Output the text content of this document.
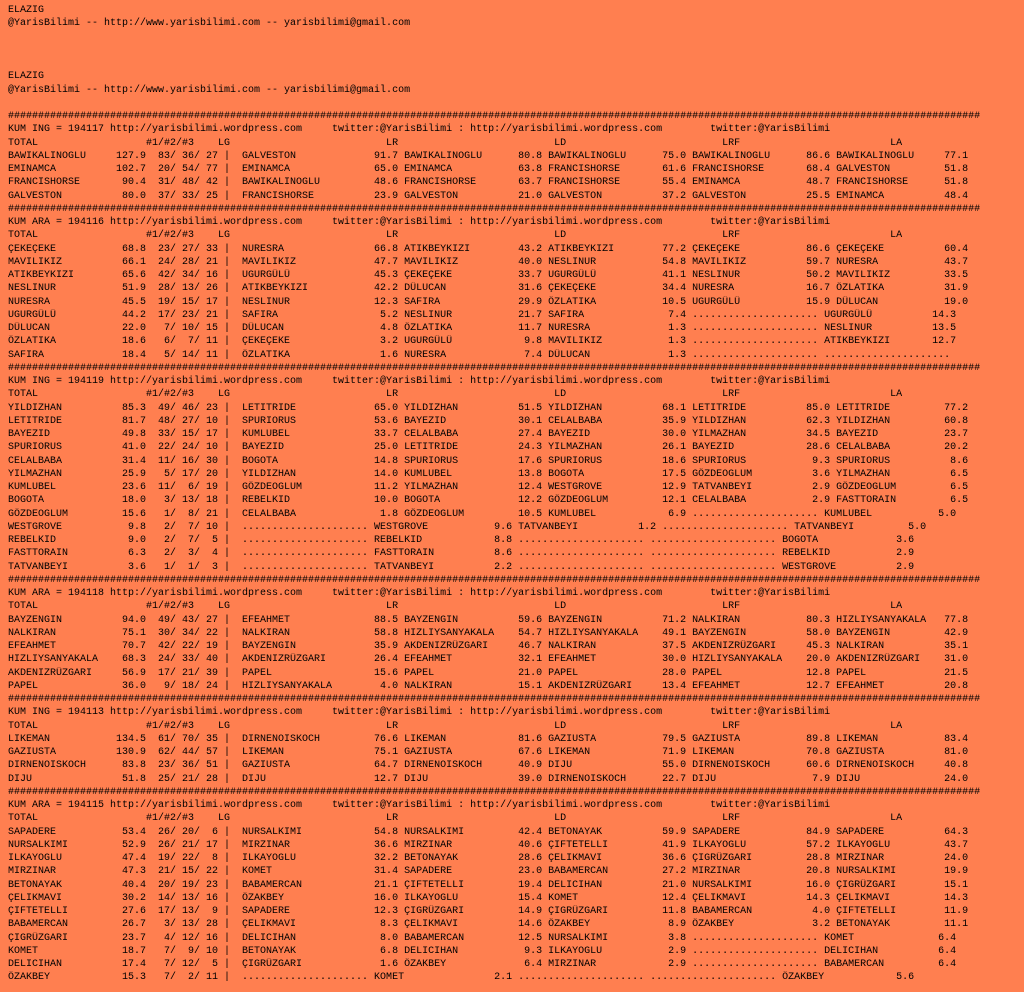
ELAZIG
@YarisBilimi -- http://www.yarisbilimi.com -- yarisbilimi@gmail.com
ELAZIG
@YarisBilimi -- http://www.yarisbilimi.com -- yarisbilimi@gmail.com
##################################################################################################################################################################
KUM ING = 194117 http://yarisbilimi.wordpress.com     twitter:@YarisBilimi : http://yarisbilimi.wordpress.com        twitter:@YarisBilimi
TOTAL                  #1/#2/#3    LG                          LR                          LD                          LRF                         LA
BAWIKALINOGLU     127.9  83/ 36/ 27 |  GALVESTON             91.7 BAWIKALINOGLU      80.8 BAWIKALINOGLU      75.0 BAWIKALINOGLU      86.6 BAWIKALINOGLU     77.1
EMINAMCA          102.7  20/ 54/ 77 |  EMINAMCA              65.0 EMINAMCA           63.8 FRANCISHORSE       61.6 FRANCISHORSE       68.4 GALVESTON         51.8
FRANCISHORSE       90.4  31/ 48/ 42 |  BAWIKALINOGLU         48.6 FRANCISHORSE       63.7 FRANCISHORSE       55.4 EMINAMCA           48.7 FRANCISHORSE      51.8
GALVESTON          80.0  37/ 33/ 25 |  FRANCISHORSE          23.9 GALVESTON          21.0 GALVESTON          37.2 GALVESTON          25.5 EMINAMCA          48.4
##################################################################################################################################################################
KUM ARA = 194116 http://yarisbilimi.wordpress.com     twitter:@YarisBilimi : http://yarisbilimi.wordpress.com        twitter:@YarisBilimi
TOTAL                  #1/#2/#3    LG                          LR                          LD                          LRF                         LA
ÇEKEÇEKE           68.8  23/ 27/ 33 |  NURESRA               66.8 ATIKBEYKIZI        43.2 ATIKBEYKIZI        77.2 ÇEKEÇEKE           86.6 ÇEKEÇEKE          60.4
MAVILIKIZ          66.1  24/ 28/ 21 |  MAVILIKIZ             47.7 MAVILIKIZ          40.0 NESLINUR           54.8 MAVILIKIZ          59.7 NURESRA           43.7
ATIKBEYKIZI        65.6  42/ 34/ 16 |  UGURGÜLÜ              45.3 ÇEKEÇEKE           33.7 UGURGÜLÜ           41.1 NESLINUR           50.2 MAVILIKIZ         33.5
NESLINUR           51.9  28/ 13/ 26 |  ATIKBEYKIZI           42.2 DÜLUCAN            31.6 ÇEKEÇEKE           34.4 NURESRA            16.7 ÖZLATIKA          31.9
NURESRA            45.5  19/ 15/ 17 |  NESLINUR              12.3 SAFIRA             29.9 ÖZLATIKA           10.5 UGURGÜLÜ           15.9 DÜLUCAN           19.0
UGURGÜLÜ           44.2  17/ 23/ 21 |  SAFIRA                 5.2 NESLINUR           21.7 SAFIRA              7.4 ..................... UGURGÜLÜ          14.3
DÜLUCAN            22.0   7/ 10/ 15 |  DÜLUCAN                4.8 ÖZLATIKA           11.7 NURESRA             1.3 ..................... NESLINUR          13.5
ÖZLATIKA           18.6   6/  7/ 11 |  ÇEKEÇEKE               3.2 UGURGÜLÜ            9.8 MAVILIKIZ           1.3 ..................... ATIKBEYKIZI       12.7
SAFIRA             18.4   5/ 14/ 11 |  ÖZLATIKA               1.6 NURESRA             7.4 DÜLUCAN             1.3 ..................... .....................
##################################################################################################################################################################
KUM ING = 194119 http://yarisbilimi.wordpress.com     twitter:@YarisBilimi : http://yarisbilimi.wordpress.com        twitter:@YarisBilimi
TOTAL                  #1/#2/#3    LG                          LR                          LD                          LRF                         LA
YILDIZHAN          85.3  49/ 46/ 23 |  LETITRIDE             65.0 YILDIZHAN          51.5 YILDIZHAN          68.1 LETITRIDE          85.0 LETITRIDE         77.2
LETITRIDE          81.7  48/ 27/ 10 |  SPURIORUS             53.6 BAYEZID            30.1 CELALBABA          35.9 YILDIZHAN          62.3 YILDIZHAN         60.8
BAYEZID            49.8  33/ 15/ 17 |  KUMLUBEL              33.7 CELALBABA          27.4 BAYEZID            30.0 YILMAZHAN          34.5 BAYEZID           23.7
SPURIORUS          41.0  22/ 24/ 10 |  BAYEZID               25.0 LETITRIDE          24.3 YILMAZHAN          26.1 BAYEZID            28.6 CELALBABA         20.2
CELALBABA          31.4  11/ 16/ 30 |  BOGOTA                14.8 SPURIORUS          17.6 SPURIORUS          18.6 SPURIORUS           9.3 SPURIORUS          8.6
YILMAZHAN          25.9   5/ 17/ 20 |  YILDIZHAN             14.0 KUMLUBEL           13.8 BOGOTA             17.5 GÖZDEOGLUM          3.6 YILMAZHAN          6.5
KUMLUBEL           23.6  11/  6/ 19 |  GÖZDEOGLUM            11.2 YILMAZHAN          12.4 WESTGROVE          12.9 TATVANBEYI          2.9 GÖZDEOGLUM         6.5
BOGOTA             18.0   3/ 13/ 18 |  REBELKID              10.0 BOGOTA             12.2 GÖZDEOGLUM         12.1 CELALBABA           2.9 FASTTORAIN         6.5
GÖZDEOGLUM         15.6   1/  8/ 21 |  CELALBABA              1.8 GÖZDEOGLUM         10.5 KUMLUBEL            6.9 ..................... KUMLUBEL           5.0
WESTGROVE           9.8   2/  7/ 10 |  ..................... WESTGROVE           9.6 TATVANBEYI          1.2 ..................... TATVANBEYI         5.0
REBELKID            9.0   2/  7/  5 |  ..................... REBELKID            8.8 ..................... ..................... BOGOTA             3.6
FASTTORAIN          6.3   2/  3/  4 |  ..................... FASTTORAIN          8.6 ..................... ..................... REBELKID           2.9
TATVANBEYI          3.6   1/  1/  3 |  ..................... TATVANBEYI          2.2 ..................... ..................... WESTGROVE          2.9
##################################################################################################################################################################
KUM ARA = 194118 http://yarisbilimi.wordpress.com     twitter:@YarisBilimi : http://yarisbilimi.wordpress.com        twitter:@YarisBilimi
TOTAL                  #1/#2/#3    LG                          LR                          LD                          LRF                         LA
BAYZENGIN          94.0  49/ 43/ 27 |  EFEAHMET              88.5 BAYZENGIN          59.6 BAYZENGIN          71.2 NALKIRAN           80.3 HIZLIYSANYAKALA   77.8
NALKIRAN           75.1  30/ 34/ 22 |  NALKIRAN              58.8 HIZLIYSANYAKALA    54.7 HIZLIYSANYAKALA    49.1 BAYZENGIN          58.0 BAYZENGIN         42.9
EFEAHMET           70.7  42/ 22/ 19 |  BAYZENGIN             35.9 AKDENIZRÜZGARI     46.7 NALKIRAN           37.5 AKDENIZRÜZGARI     45.3 NALKIRAN          35.1
HIZLIYSANYAKALA    68.3  24/ 33/ 40 |  AKDENIZRÜZGARI        26.4 EFEAHMET           32.1 EFEAHMET           30.0 HIZLIYSANYAKALA    20.0 AKDENIZRÜZGARI    31.0
AKDENIZRÜZGARI     56.9  17/ 21/ 39 |  PAPEL                 15.6 PAPEL              21.0 PAPEL              28.0 PAPEL              12.8 PAPEL             21.5
PAPEL              36.0   9/ 18/ 24 |  HIZLIYSANYAKALA        4.0 NALKIRAN           15.1 AKDENIZRÜZGARI     13.4 EFEAHMET           12.7 EFEAHMET          20.8
##################################################################################################################################################################
KUM ING = 194113 http://yarisbilimi.wordpress.com     twitter:@YarisBilimi : http://yarisbilimi.wordpress.com        twitter:@YarisBilimi
TOTAL                  #1/#2/#3    LG                          LR                          LD                          LRF                         LA
LIKEMAN           134.5  61/ 70/ 35 |  DIRNENOISKOCH         76.6 LIKEMAN            81.6 GAZIUSTA           79.5 GAZIUSTA           89.8 LIKEMAN           83.4
GAZIUSTA          130.9  62/ 44/ 57 |  LIKEMAN               75.1 GAZIUSTA           67.6 LIKEMAN            71.9 LIKEMAN            70.8 GAZIUSTA          81.0
DIRNENOISKOCH      83.8  23/ 36/ 51 |  GAZIUSTA              64.7 DIRNENOISKOCH      40.9 DIJU               55.0 DIRNENOISKOCH      60.6 DIRNENOISKOCH     40.8
DIJU               51.8  25/ 21/ 28 |  DIJU                  12.7 DIJU               39.0 DIRNENOISKOCH      22.7 DIJU                7.9 DIJU              24.0
##################################################################################################################################################################
KUM ARA = 194115 http://yarisbilimi.wordpress.com     twitter:@YarisBilimi : http://yarisbilimi.wordpress.com        twitter:@YarisBilimi
TOTAL                  #1/#2/#3    LG                          LR                          LD                          LRF                         LA
SAPADERE           53.4  26/ 20/  6 |  NURSALKIMI            54.8 NURSALKIMI         42.4 BETONAYAK          59.9 SAPADERE           84.9 SAPADERE          64.3
NURSALKIMI         52.9  26/ 21/ 17 |  MIRZINAR              36.6 MIRZINAR           40.6 ÇIFTETELLI         41.9 ILKAYOGLU          57.2 ILKAYOGLU         43.7
ILKAYOGLU          47.4  19/ 22/  8 |  ILKAYOGLU             32.2 BETONAYAK          28.6 ÇELIKMAVI          36.6 ÇIGRÜZGARI         28.8 MIRZINAR          24.0
MIRZINAR           47.3  21/ 15/ 22 |  KOMET                 31.4 SAPADERE           23.0 BABAMERCAN         27.2 MIRZINAR           20.8 NURSALKIMI        19.9
BETONAYAK          40.4  20/ 19/ 23 |  BABAMERCAN            21.1 ÇIFTETELLI         19.4 DELICIHAN          21.0 NURSALKIMI         16.0 ÇIGRÜZGARI        15.1
ÇELIKMAVI          30.2  14/ 13/ 16 |  ÖZAKBEY               16.0 ILKAYOGLU          15.4 KOMET              12.4 ÇELIKMAVI          14.3 ÇELIKMAVI         14.3
ÇIFTETELLI         27.6  17/ 13/  9 |  SAPADERE              12.3 ÇIGRÜZGARI         14.9 ÇIGRÜZGARI         11.8 BABAMERCAN          4.0 ÇIFTETELLI        11.9
BABAMERCAN         26.7   3/ 13/ 28 |  ÇELIKMAVI              8.3 ÇELIKMAVI          14.6 ÖZAKBEY             8.9 ÖZAKBEY             3.2 BETONAYAK         11.1
ÇIGRÜZGARI         23.7   4/ 12/ 16 |  DELICIHAN              8.0 BABAMERCAN         12.5 NURSALKIMI          3.8 ..................... KOMET              6.4
KOMET              18.7   7/  9/ 10 |  BETONAYAK              6.8 DELICIHAN           9.3 ILKAYOGLU           2.9 ..................... DELICIHAN          6.4
DELICIHAN          17.4   7/ 12/  5 |  ÇIGRÜZGARI             1.6 ÖZAKBEY             6.4 MIRZINAR            2.9 ..................... BABAMERCAN         6.4
ÖZAKBEY            15.3   7/  2/ 11 |  ..................... KOMET               2.1 ..................... ..................... ÖZAKBEY            5.6
